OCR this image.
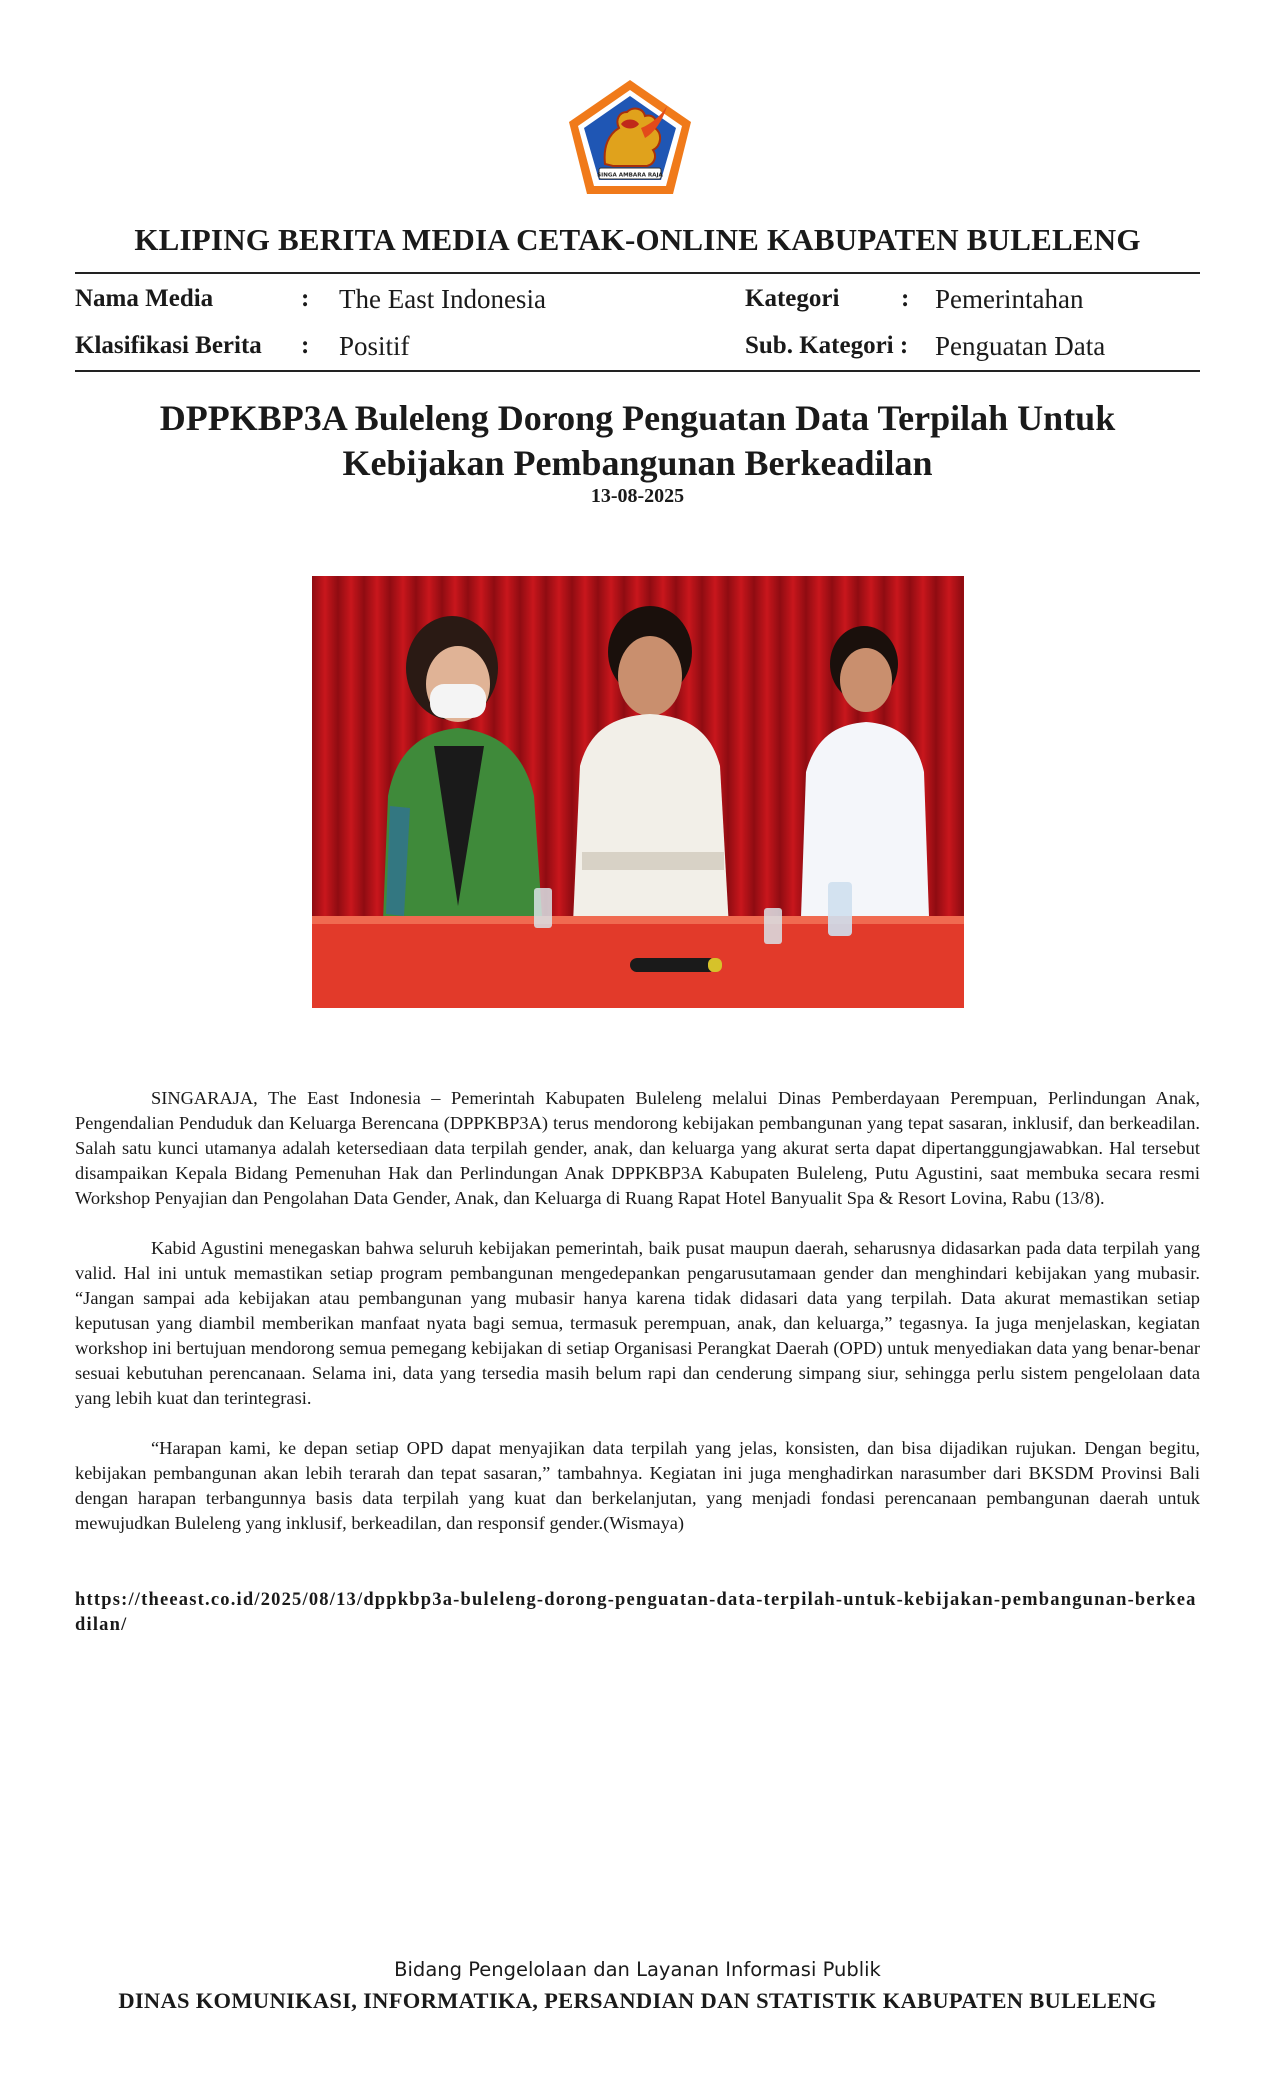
SINGA AMBARA RAJA
KLIPING BERITA MEDIA CETAK-ONLINE KABUPATEN BULELENG
Nama Media	: The East Indonesia	Kategori : Pemerintahan
Klasifikasi Berita : Positif	Sub. Kategori : Penguatan Data
DPPKBP3A Buleleng Dorong Penguatan Data Terpilah Untuk Kebijakan Pembangunan Berkeadilan
13-08-2025

SINGARAJA, The East Indonesia – Pemerintah Kabupaten Buleleng melalui Dinas Pemberdayaan Perempuan, Perlindungan Anak, Pengendalian Penduduk dan Keluarga Berencana (DPPKBP3A) terus mendorong kebijakan pembangunan yang tepat sasaran, inklusif, dan berkeadilan. Salah satu kunci utamanya adalah ketersediaan data terpilah gender, anak, dan keluarga yang akurat serta dapat dipertanggungjawabkan. Hal tersebut disampaikan Kepala Bidang Pemenuhan Hak dan Perlindungan Anak DPPKBP3A Kabupaten Buleleng, Putu Agustini, saat membuka secara resmi Workshop Penyajian dan Pengolahan Data Gender, Anak, dan Keluarga di Ruang Rapat Hotel Banyualit Spa & Resort Lovina, Rabu (13/8).

Kabid Agustini menegaskan bahwa seluruh kebijakan pemerintah, baik pusat maupun daerah, seharusnya didasarkan pada data terpilah yang valid. Hal ini untuk memastikan setiap program pembangunan mengedepankan pengarusutamaan gender dan menghindari kebijakan yang mubasir. “Jangan sampai ada kebijakan atau pembangunan yang mubasir hanya karena tidak didasari data yang terpilah. Data akurat memastikan setiap keputusan yang diambil memberikan manfaat nyata bagi semua, termasuk perempuan, anak, dan keluarga,” tegasnya. Ia juga menjelaskan, kegiatan workshop ini bertujuan mendorong semua pemegang kebijakan di setiap Organisasi Perangkat Daerah (OPD) untuk menyediakan data yang benar-benar sesuai kebutuhan perencanaan. Selama ini, data yang tersedia masih belum rapi dan cenderung simpang siur, sehingga perlu sistem pengelolaan data yang lebih kuat dan terintegrasi.

“Harapan kami, ke depan setiap OPD dapat menyajikan data terpilah yang jelas, konsisten, dan bisa dijadikan rujukan. Dengan begitu, kebijakan pembangunan akan lebih terarah dan tepat sasaran,” tambahnya. Kegiatan ini juga menghadirkan narasumber dari BKSDM Provinsi Bali dengan harapan terbangunnya basis data terpilah yang kuat dan berkelanjutan, yang menjadi fondasi perencanaan pembangunan daerah untuk mewujudkan Buleleng yang inklusif, berkeadilan, dan responsif gender.(Wismaya)

https://theeast.co.id/2025/08/13/dppkbp3a-buleleng-dorong-penguatan-data-terpilah-untuk-kebijakan-pembangunan-berkeadilan/
Bidang Pengelolaan dan Layanan Informasi Publik
DINAS KOMUNIKASI, INFORMATIKA, PERSANDIAN DAN STATISTIK KABUPATEN BULELENG
